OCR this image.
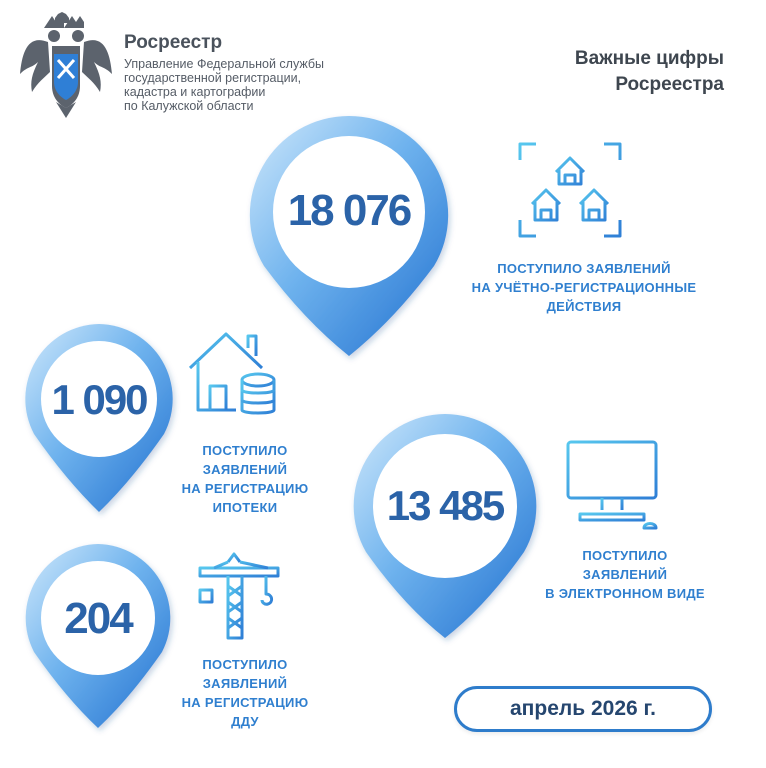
Росреестр
Управление Федеральной службы
государственной регистрации,
кадастра и картографии
по Калужской области
Важные цифры
Росреестра
18 076
1 090
13 485
204
ПОСТУПИЛО ЗАЯВЛЕНИЙ
НА УЧЁТНО-РЕГИСТРАЦИОННЫЕ
ДЕЙСТВИЯ
ПОСТУПИЛО
ЗАЯВЛЕНИЙ
НА РЕГИСТРАЦИЮ
ИПОТЕКИ
ПОСТУПИЛО
ЗАЯВЛЕНИЙ
В ЭЛЕКТРОННОМ ВИДЕ
ПОСТУПИЛО
ЗАЯВЛЕНИЙ
НА РЕГИСТРАЦИЮ
ДДУ
апрель 2026 г.
